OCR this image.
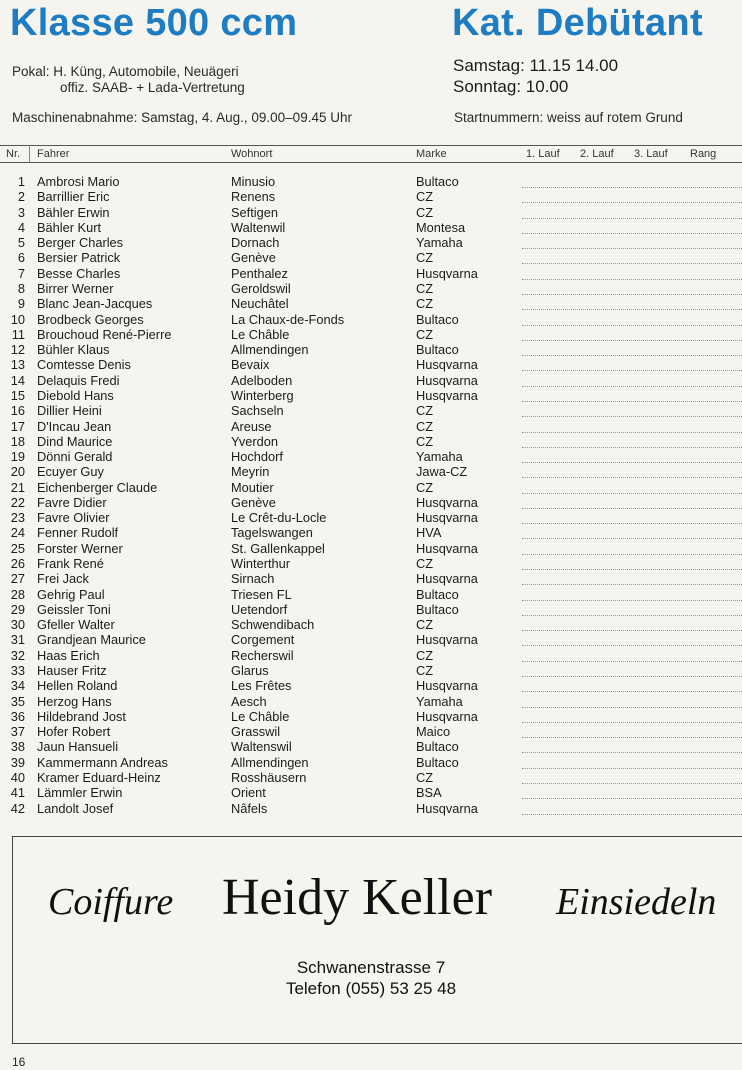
Klasse 500 ccm	Kat. Debütant
Pokal: H. Küng, Automobile, Neuägeri
offiz. SAAB- + Lada-Vertretung
Samstag: 11.15 14.00
Sonntag: 10.00
Maschinenabnahme: Samstag, 4. Aug., 09.00–09.45 Uhr	Startnummern: weiss auf rotem Grund
Nr. Fahrer	Wohnort	Marke	1. Lauf 2. Lauf 3. Lauf Rang
1 Ambrosi Mario	Minusio	Bultaco
2 Barrillier Eric	Renens	CZ
3 Bähler Erwin	Seftigen	CZ
4 Bähler Kurt	Waltenwil	Montesa
5 Berger Charles	Dornach	Yamaha
6 Bersier Patrick	Genève	CZ
7 Besse Charles	Penthalez	Husqvarna
8 Birrer Werner	Geroldswil	CZ
9 Blanc Jean-Jacques	Neuchâtel	CZ
10 Brodbeck Georges	La Chaux-de-Fonds	Bultaco
11 Brouchoud René-Pierre	Le Châble	CZ
12 Bühler Klaus	Allmendingen	Bultaco
13 Comtesse Denis	Bevaix	Husqvarna
14 Delaquis Fredi	Adelboden	Husqvarna
15 Diebold Hans	Winterberg	Husqvarna
16 Dillier Heini	Sachseln	CZ
17 D'Incau Jean	Areuse	CZ
18 Dind Maurice	Yverdon	CZ
19 Dönni Gerald	Hochdorf	Yamaha
20 Ecuyer Guy	Meyrin	Jawa-CZ
21 Eichenberger Claude	Moutier	CZ
22 Favre Didier	Genève	Husqvarna
23 Favre Olivier	Le Crêt-du-Locle	Husqvarna
24 Fenner Rudolf	Tagelswangen	HVA
25 Forster Werner	St. Gallenkappel	Husqvarna
26 Frank René	Winterthur	CZ
27 Frei Jack	Sirnach	Husqvarna
28 Gehrig Paul	Triesen FL	Bultaco
29 Geissler Toni	Uetendorf	Bultaco
30 Gfeller Walter	Schwendibach	CZ
31 Grandjean Maurice	Corgement	Husqvarna
32 Haas Erich	Recherswil	CZ
33 Hauser Fritz	Glarus	CZ
34 Hellen Roland	Les Frêtes	Husqvarna
35 Herzog Hans	Aesch	Yamaha
36 Hildebrand Jost	Le Châble	Husqvarna
37 Hofer Robert	Grasswil	Maico
38 Jaun Hansueli	Waltenswil	Bultaco
39 Kammermann Andreas	Allmendingen	Bultaco
40 Kramer Eduard-Heinz	Rosshäusern	CZ
41 Lämmler Erwin	Orient	BSA
42 Landolt Josef	Nâfels	Husqvarna
Coiffure Heidy Keller Einsiedeln
Schwanenstrasse 7
Telefon (055) 53 25 48
16
